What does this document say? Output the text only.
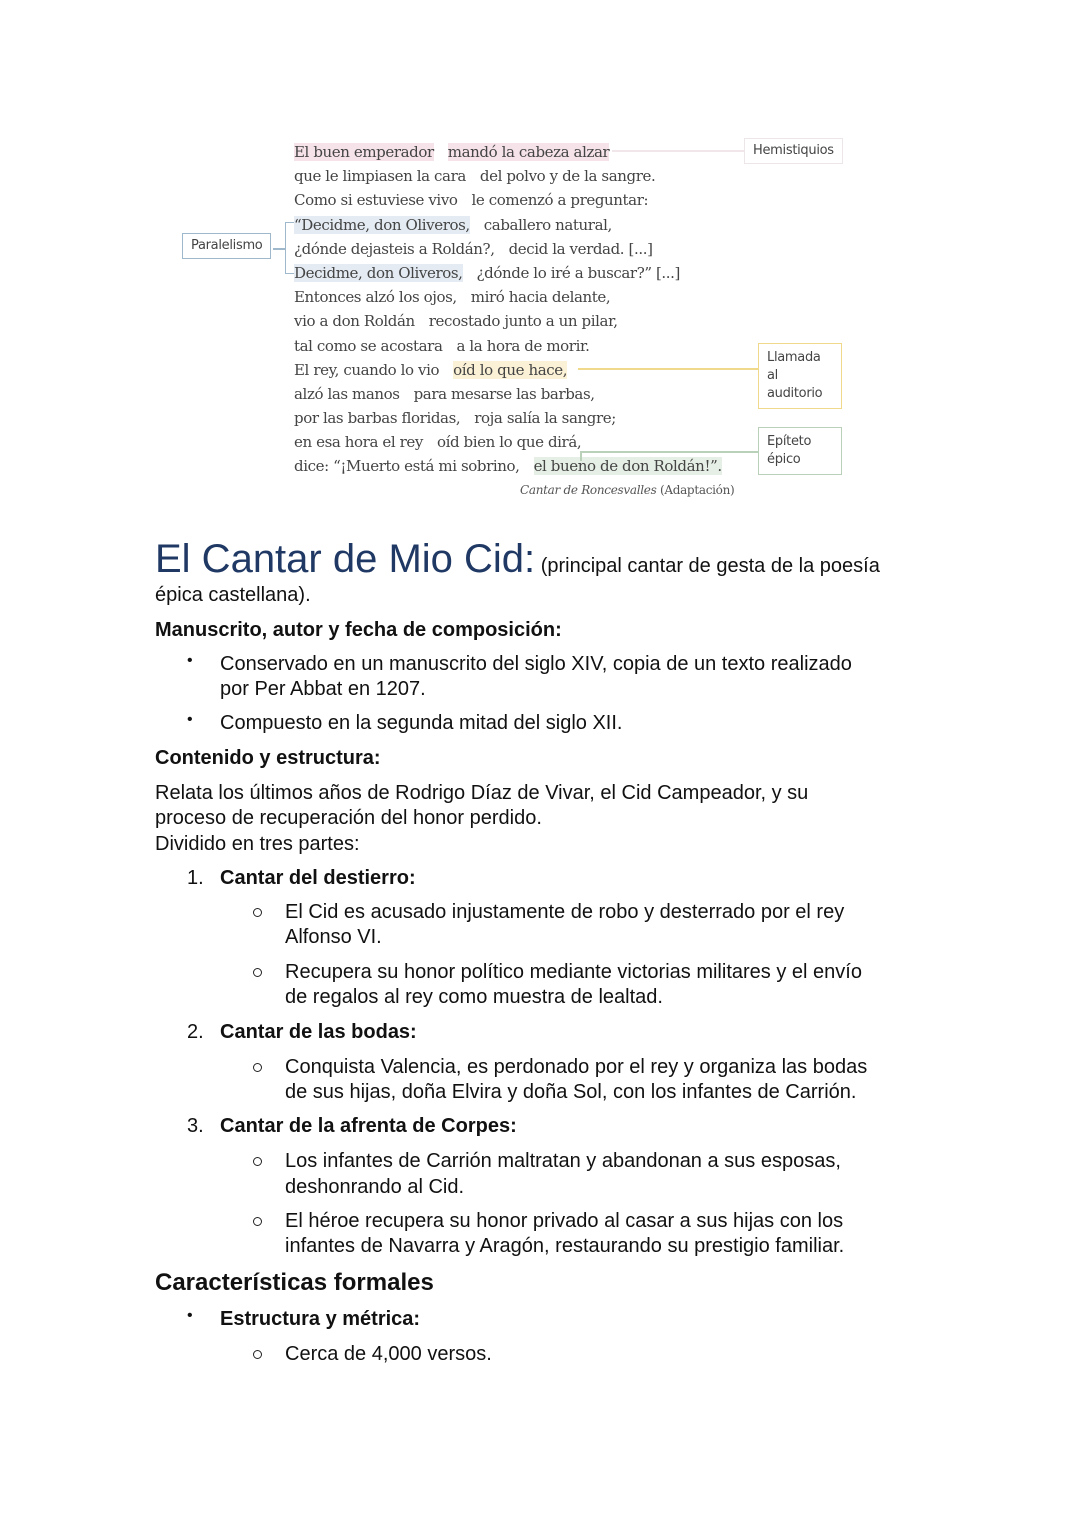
El buen emperador mandó la cabeza alzar
que le limpiasen la cara del polvo y de la sangre.
Como si estuviese vivo le comenzó a preguntar:
“Decidme, don Oliveros, caballero natural,
¿dónde dejasteis a Roldán?, decid la verdad. [...]
Decidme, don Oliveros, ¿dónde lo iré a buscar?” [...]
Entonces alzó los ojos, miró hacia delante,
vio a don Roldán recostado junto a un pilar,
tal como se acostara a la hora de morir.
El rey, cuando lo vio oíd lo que hace,
alzó las manos para mesarse las barbas,
por las barbas floridas, roja salía la sangre;
en esa hora el rey oíd bien lo que dirá,
dice: “¡Muerto está mi sobrino, el bueno de don Roldán!”.
Hemistiquios
Paralelismo
Llamada al auditorio
Epíteto épico
Cantar de Roncesvalles (Adaptación)
El Cantar de Mio Cid: (principal cantar de gesta de la poesía
épica castellana).
Manuscrito, autor y fecha de composición:
• Conservado en un manuscrito del siglo XIV, copia de un texto realizado
por Per Abbat en 1207.
• Compuesto en la segunda mitad del siglo XII.
Contenido y estructura:
Relata los últimos años de Rodrigo Díaz de Vivar, el Cid Campeador, y su
proceso de recuperación del honor perdido.
Dividido en tres partes:
1. Cantar del destierro:
El Cid es acusado injustamente de robo y desterrado por el rey
Alfonso VI.
Recupera su honor político mediante victorias militares y el envío
de regalos al rey como muestra de lealtad.
2. Cantar de las bodas:
Conquista Valencia, es perdonado por el rey y organiza las bodas
de sus hijas, doña Elvira y doña Sol, con los infantes de Carrión.
3. Cantar de la afrenta de Corpes:
Los infantes de Carrión maltratan y abandonan a sus esposas,
deshonrando al Cid.
El héroe recupera su honor privado al casar a sus hijas con los
infantes de Navarra y Aragón, restaurando su prestigio familiar.
Características formales
• Estructura y métrica:
Cerca de 4,000 versos.
